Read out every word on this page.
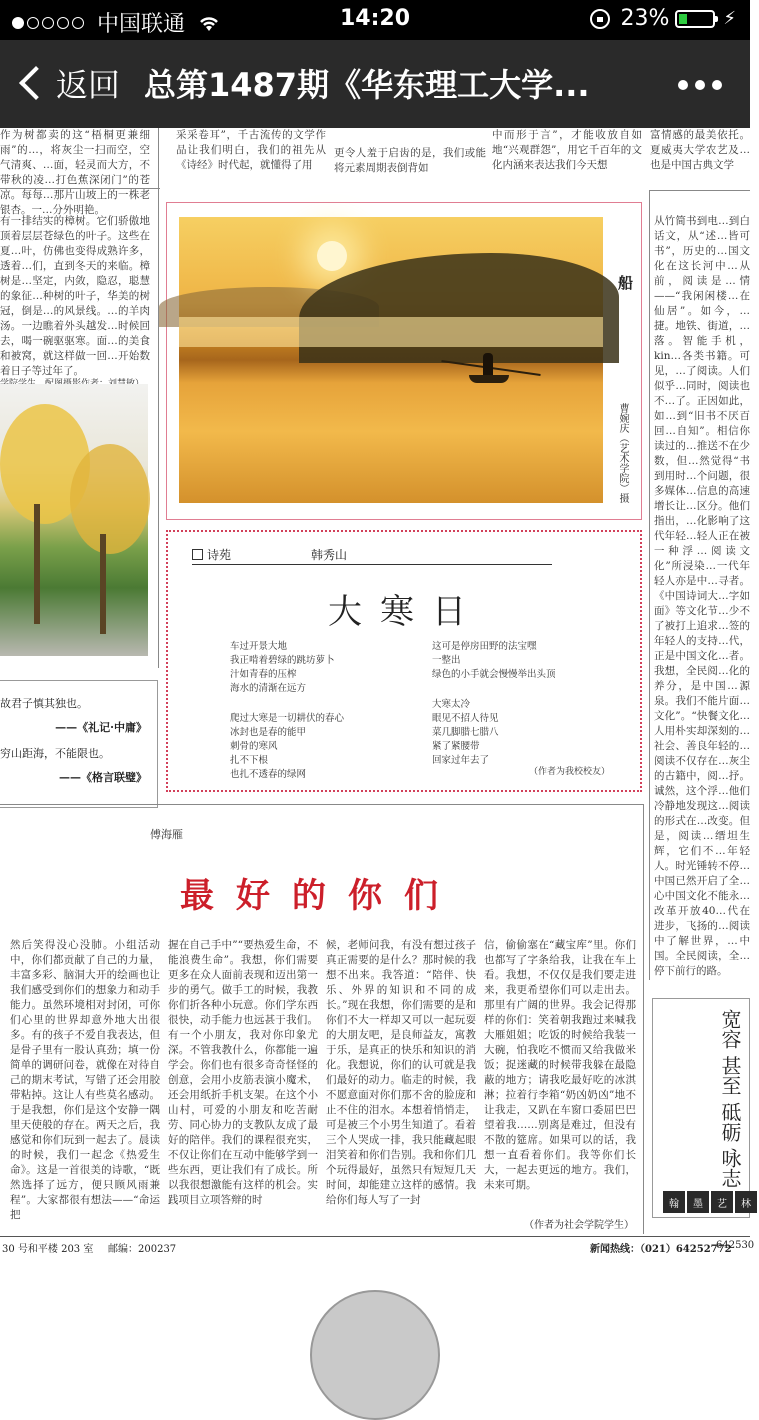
中国联通	14:20	23%	⚡
返回 总第1487期《华东理工大学...

作为树都卖的这“梧桐更兼细雨”的…，将灰尘一扫而空，空气清爽、…面，轻灵而大方，不带秋的凌…打色蕉深闭门”的苍凉。每每…那片山坡上的一株老银杏。一…分外明艳。

采采卷耳”，千古流传的文学作品让我们明白，我们的祖先从《诗经》时代起，就懂得了用

更令人羞于启齿的是，我们或能将元素周期表倒背如

中而形于言”，才能收放自如地“兴观群怨”，用它千百年的文化内涵来表达我们今天想

富情感的最美依托。夏威夷大学农艺及…也是中国古典文学

有一排结实的樟树。它们骄傲地顶着层层苍绿色的叶子。这些在夏…叶，仿佛也变得成熟许多，透着…们，直到冬天的来临。樟树是…坚定，内敛，隐忍，聪慧的象征…种树的叶子，华美的树冠，倒是…的风景线。…的羊肉汤。一边瞧着外头越发…时候回去，喝一碗驱驱寒。面…的美食和被窝，就这样做一回…开始数着日子等过年了。

故君子慎其独也。
——《礼记·中庸》
穷山距海，不能限也。
——《格言联璧》
船
曹婉庆（艺术学院）摄
诗苑	韩秀山
大寒日
车过开景大地
我正啃着碧绿的跳坊萝卜
汁如青春的压榨
海水的清渐在远方
爬过大寒是一切耕伏的春心
冰封也是春的能甲
刺骨的寒风
扎不下根
也扎不透春的绿网
这可是停房田野的法宝嘿
一整出
绿色的小手就会慢慢举出头顶
大寒太冷
眼见不招人待见
菜几脚腊七腊八
紧了紧腰带
回家过年去了
（作者为我校校友）

从竹简书到电…到白话文，从“述…皆可书”，历史的…国文化在这长河中…从前，阅读是…情——“我闲闲楼…在仙居”。如今，…捷。地铁、街道，…落。智能手机，kin…各类书籍。可见，…了阅读。人们似乎…同时，阅读也不…了。正因如此，如…到“旧书不厌百回…自知”。相信你读过的…推送不在少数，但…然觉得“书到用时…个问题，很多媒体…信息的高速增长让…区分。他们指出，…化影响了这代年轻…轻人正在被一种浮…阅读文化”所浸染…一代年轻人亦是中…寻者。《中国诗词大…字如面》等文化节…少不了被打上追求…签的年轻人的支持…代，正是中国文化…者。我想，全民阅…化的养分，是中国…源泉。我们不能片面…文化”。“快餐文化…人用朴实却深刻的…社会、善良年轻的…阅读不仅存在…灰尘的古籍中，阅…抒。诚然，这个浮…他们冷静地发现这…阅读的形式在…改变。但是，阅读…缙坦生辉，它们不…年轻人。时光锤转不停…中国已然开启了全…心中国文化不能永…改革开放40…代在进步，飞扬的…阅读中了解世界，…中国。全民阅读，全…停下前行的路。

傅海雁
最好的你们

然后笑得没心没肺。小组活动中，你们都贡献了自己的力量，丰富多彩、脑洞大开的绘画也让我们感受到你们的想象力和动手能力。虽然环境相对封闭，可你们心里的世界却意外地大出很多。有的孩子不爱自我表达，但是骨子里有一股认真劲；填一份简单的调研问卷，就像在对待自己的期末考试，写错了还会用胶带粘掉。这让人有些莫名感动。于是我想，你们是这个安静一隅里天使般的存在。两天之后，我感觉和你们玩到一起去了。晨读的时候，我们一起念《热爱生命》。这是一首很美的诗歌，“既然选择了远方，便只顾风雨兼程”。大家都很有想法——“命运把

握在自己手中”“要热爱生命，不能浪费生命”。我想，你们需要更多在众人面前表现和迈出第一步的勇气。做手工的时候，我教你们折各种小玩意。你们学东西很快，动手能力也远甚于我们。有一个小朋友，我对你印象尤深。不管我教什么，你都能一遍学会。你们也有很多奇奇怪怪的创意，会用小皮筋表演小魔术，还会用纸折手机支架。在这个小山村，可爱的小朋友和吃苦耐劳、同心协力的支教队友成了最好的陪伴。我们的课程很充实，不仅让你们在互动中能够学到一些东西，更让我们有了成长。所以我很想激能有这样的机会。实践项目立项答辩的时

候，老师问我，有没有想过孩子真正需要的是什么？那时候的我想不出来。我答道：“陪伴、快乐、外界的知识和不同的成长。”现在我想，你们需要的是和你们不大一样却又可以一起玩耍的大朋友吧，是良师益友，寓教于乐，是真正的快乐和知识的消化。我想说，你们的认可就是我们最好的动力。临走的时候，我不愿意面对你们那不舍的脸庞和止不住的泪水。本想着悄悄走，可是被三个小男生知道了。看着三个人哭成一排，我只能藏起眼泪笑着和你们告别。我和你们几个玩得最好，虽然只有短短几天时间，却能建立这样的感情。我给你们每人写了一封

信，偷偷塞在“藏宝库”里。你们也都写了字条给我，让我在车上看。我想，不仅仅是我们要走进来，我更希望你们可以走出去。那里有广阔的世界。我会记得那样的你们：笑着朝我跑过来喊我大雁姐姐；吃饭的时候给我装一大碗，怕我吃不惯而又给我做米饭；捉迷藏的时候带我躲在最隐蔽的地方；请我吃最好吃的冰淇淋；拉着行李箱“奶凶奶凶”地不让我走，又趴在车窗口委屈巴巴望着我……别离是难过，但没有不散的筵席。如果可以的话，我想一直看着你们。我等你们长大，一起去更远的地方。我们，未来可期。

（作者为社会学院学生）
宽容 甚至 砥砺 咏志
翰	墨	艺	林
30 号和平楼 203 室 邮编：200237	新闻热线：（021）64252772
642530
